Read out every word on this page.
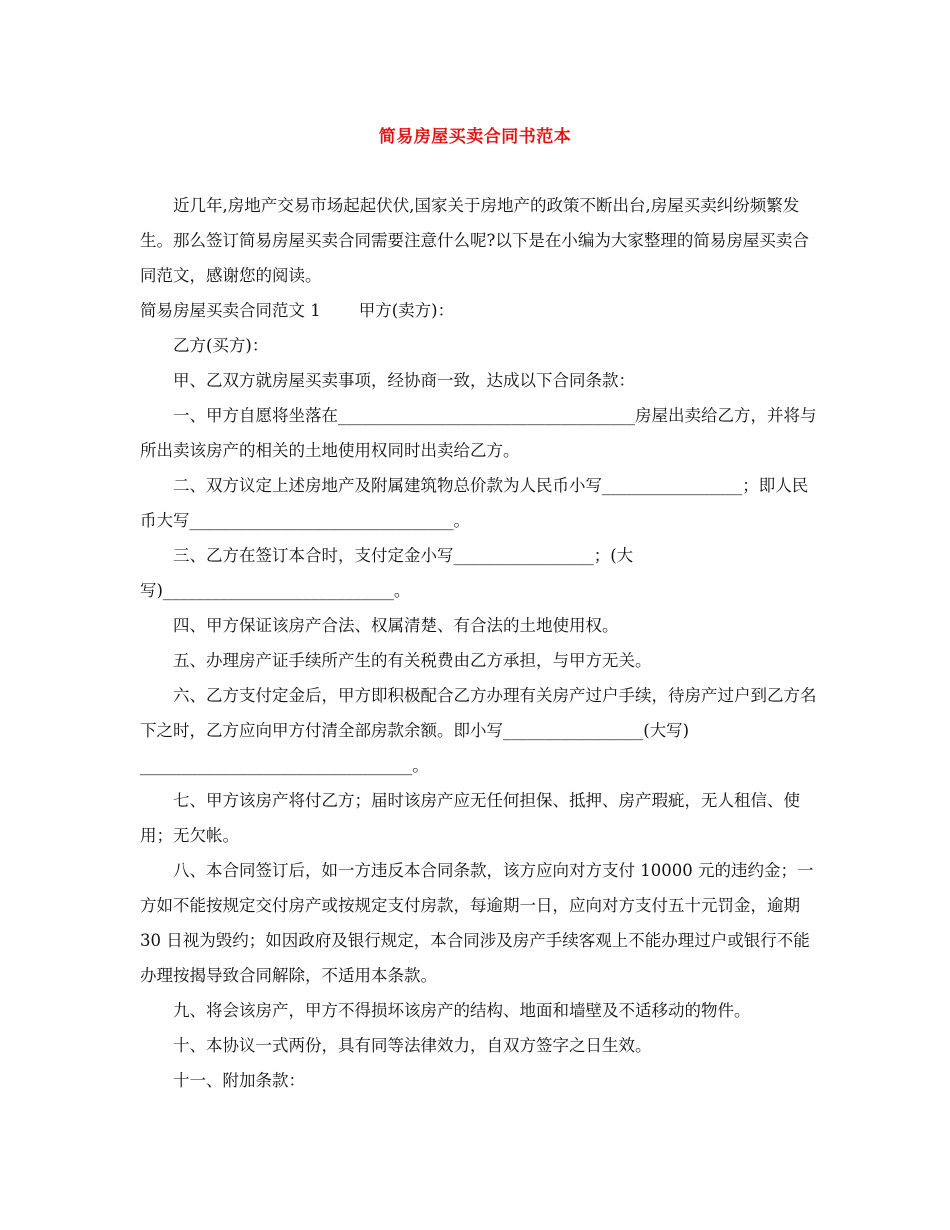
简易房屋买卖合同书范本

近几年,房地产交易市场起起伏伏,国家关于房地产的政策不断出台,房屋买卖纠纷频繁发生。那么签订简易房屋买卖合同需要注意什么呢?以下是在小编为大家整理的简易房屋买卖合同范文，感谢您的阅读。

简易房屋买卖合同范文 1 甲方(卖方)：

乙方(买方)：

甲、乙双方就房屋买卖事项，经协商一致，达成以下合同条款：

一、甲方自愿将坐落在____________________________________房屋出卖给乙方，并将与所出卖该房产的相关的土地使用权同时出卖给乙方。

二、双方议定上述房地产及附属建筑物总价款为人民币小写_________________；即人民币大写________________________________。

三、乙方在签订本合时，支付定金小写_________________；(大写)____________________________。

四、甲方保证该房产合法、权属清楚、有合法的土地使用权。

五、办理房产证手续所产生的有关税费由乙方承担，与甲方无关。

六、乙方支付定金后，甲方即积极配合乙方办理有关房产过户手续，待房产过户到乙方名下之时，乙方应向甲方付清全部房款余额。即小写_________________(大写) _________________________________。

七、甲方该房产将付乙方；届时该房产应无任何担保、抵押、房产瑕疵，无人租信、使用；无欠帐。

八、本合同签订后，如一方违反本合同条款，该方应向对方支付 10000 元的违约金；一方如不能按规定交付房产或按规定支付房款，每逾期一日，应向对方支付五十元罚金，逾期 30 日视为毁约；如因政府及银行规定，本合同涉及房产手续客观上不能办理过户或银行不能办理按揭导致合同解除，不适用本条款。

九、将会该房产，甲方不得损坏该房产的结构、地面和墙壁及不适移动的物件。

十、本协议一式两份，具有同等法律效力，自双方签字之日生效。

十一、附加条款：
